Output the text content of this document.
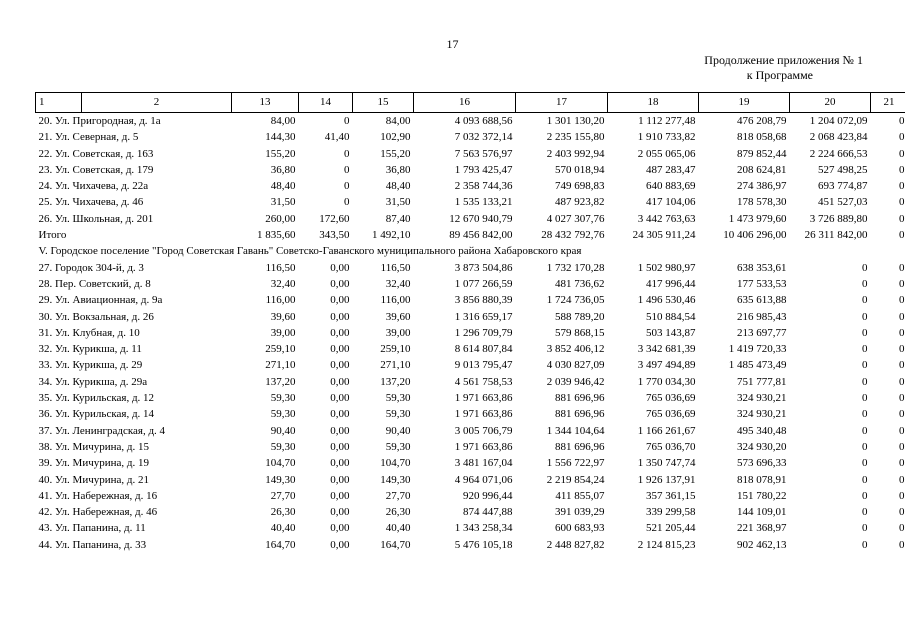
17
Продолжение приложения № 1
к Программе
1	2	13	14	15	16	17	18	19	20	21
20. Ул. Пригородная, д. 1а		84,00	0	84,00	4 093 688,56	1 301 130,20	1 112 277,48	476 208,79	1 204 072,09	0
21. Ул. Северная, д. 5		144,30	41,40	102,90	7 032 372,14	2 235 155,80	1 910 733,82	818 058,68	2 068 423,84	0
22. Ул. Советская, д. 163		155,20	0	155,20	7 563 576,97	2 403 992,94	2 055 065,06	879 852,44	2 224 666,53	0
23. Ул. Советская, д. 179		36,80	0	36,80	1 793 425,47	570 018,94	487 283,47	208 624,81	527 498,25	0
24. Ул. Чихачева, д. 22а		48,40	0	48,40	2 358 744,36	749 698,83	640 883,69	274 386,97	693 774,87	0
25. Ул. Чихачева, д. 46		31,50	0	31,50	1 535 133,21	487 923,82	417 104,06	178 578,30	451 527,03	0
26. Ул. Школьная, д. 201		260,00	172,60	87,40	12 670 940,79	4 027 307,76	3 442 763,63	1 473 979,60	3 726 889,80	0
Итого		1 835,60	343,50	1 492,10	89 456 842,00	28 432 792,76	24 305 911,24	10 406 296,00	26 311 842,00	0
V. Городское поселение "Город Советская Гавань" Советско-Гаванского муниципального района Хабаровского края										
27. Городок 304-й, д. 3		116,50	0,00	116,50	3 873 504,86	1 732 170,28	1 502 980,97	638 353,61	0	0
28. Пер. Советский, д. 8		32,40	0,00	32,40	1 077 266,59	481 736,62	417 996,44	177 533,53	0	0
29. Ул. Авиационная, д. 9а		116,00	0,00	116,00	3 856 880,39	1 724 736,05	1 496 530,46	635 613,88	0	0
30. Ул. Вокзальная, д. 26		39,60	0,00	39,60	1 316 659,17	588 789,20	510 884,54	216 985,43	0	0
31. Ул. Клубная, д. 10		39,00	0,00	39,00	1 296 709,79	579 868,15	503 143,87	213 697,77	0	0
32. Ул. Курикша, д. 11		259,10	0,00	259,10	8 614 807,84	3 852 406,12	3 342 681,39	1 419 720,33	0	0
33. Ул. Курикша, д. 29		271,10	0,00	271,10	9 013 795,47	4 030 827,09	3 497 494,89	1 485 473,49	0	0
34. Ул. Курикша, д. 29а		137,20	0,00	137,20	4 561 758,53	2 039 946,42	1 770 034,30	751 777,81	0	0
35. Ул. Курильская, д. 12		59,30	0,00	59,30	1 971 663,86	881 696,96	765 036,69	324 930,21	0	0
36. Ул. Курильская, д. 14		59,30	0,00	59,30	1 971 663,86	881 696,96	765 036,69	324 930,21	0	0
37. Ул. Ленинградская, д. 4		90,40	0,00	90,40	3 005 706,79	1 344 104,64	1 166 261,67	495 340,48	0	0
38. Ул. Мичурина, д. 15		59,30	0,00	59,30	1 971 663,86	881 696,96	765 036,70	324 930,20	0	0
39. Ул. Мичурина, д. 19		104,70	0,00	104,70	3 481 167,04	1 556 722,97	1 350 747,74	573 696,33	0	0
40. Ул. Мичурина, д. 21		149,30	0,00	149,30	4 964 071,06	2 219 854,24	1 926 137,91	818 078,91	0	0
41. Ул. Набережная, д. 16		27,70	0,00	27,70	920 996,44	411 855,07	357 361,15	151 780,22	0	0
42. Ул. Набережная, д. 46		26,30	0,00	26,30	874 447,88	391 039,29	339 299,58	144 109,01	0	0
43. Ул. Папанина, д. 11		40,40	0,00	40,40	1 343 258,34	600 683,93	521 205,44	221 368,97	0	0
44. Ул. Папанина, д. 33		164,70	0,00	164,70	5 476 105,18	2 448 827,82	2 124 815,23	902 462,13	0	0
